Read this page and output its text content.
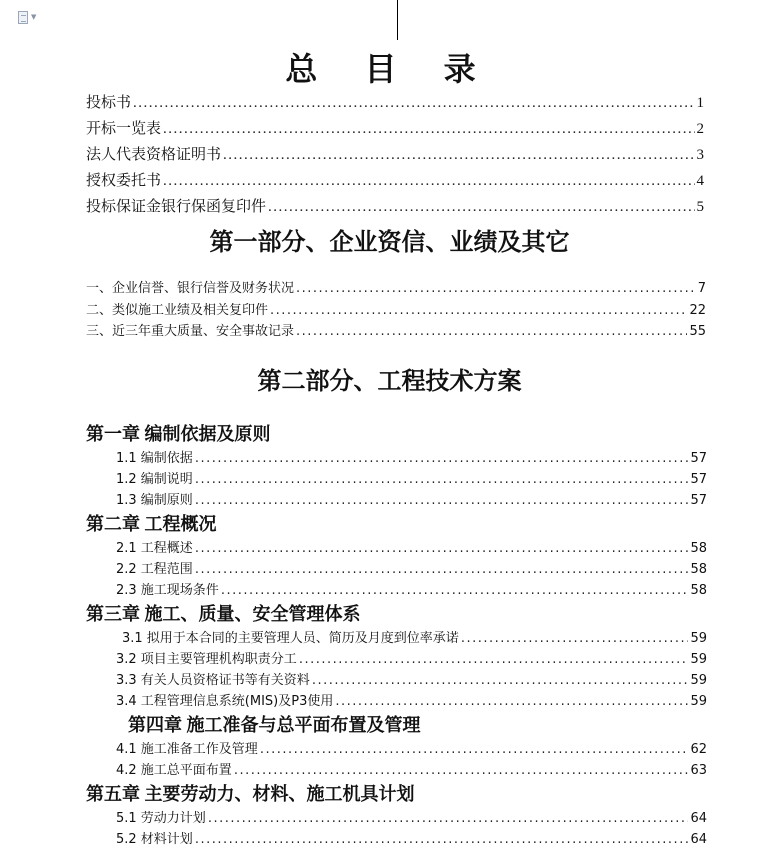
▼
总 目 录
投标书 .....	1
开标一览表 .....	2
法人代表资格证明书 .....	3
授权委托书 .....	4
投标保证金银行保函复印件 .....	5
第一部分、企业资信、业绩及其它
一、企业信誉、银行信誉及财务状况 .....	7
二、类似施工业绩及相关复印件 .....	22
三、近三年重大质量、安全事故记录 .....	55
第二部分、工程技术方案
第一章 编制依据及原则
1.1 编制依据 .....	57
1.2 编制说明 .....	57
1.3 编制原则 .....	57
第二章 工程概况
2.1 工程概述 .....	58
2.2 工程范围 .....	58
2.3 施工现场条件 .....	58
第三章 施工、质量、安全管理体系
3.1 拟用于本合同的主要管理人员、简历及月度到位率承诺 .....	59
3.2 项目主要管理机构职责分工 .....	59
3.3 有关人员资格证书等有关资料 .....	59
3.4 工程管理信息系统(MIS)及P3使用 .....	59
第四章 施工准备与总平面布置及管理
4.1 施工准备工作及管理 .....	62
4.2 施工总平面布置 .....	63
第五章 主要劳动力、材料、施工机具计划
5.1 劳动力计划 .....	64
5.2 材料计划 .....	64
